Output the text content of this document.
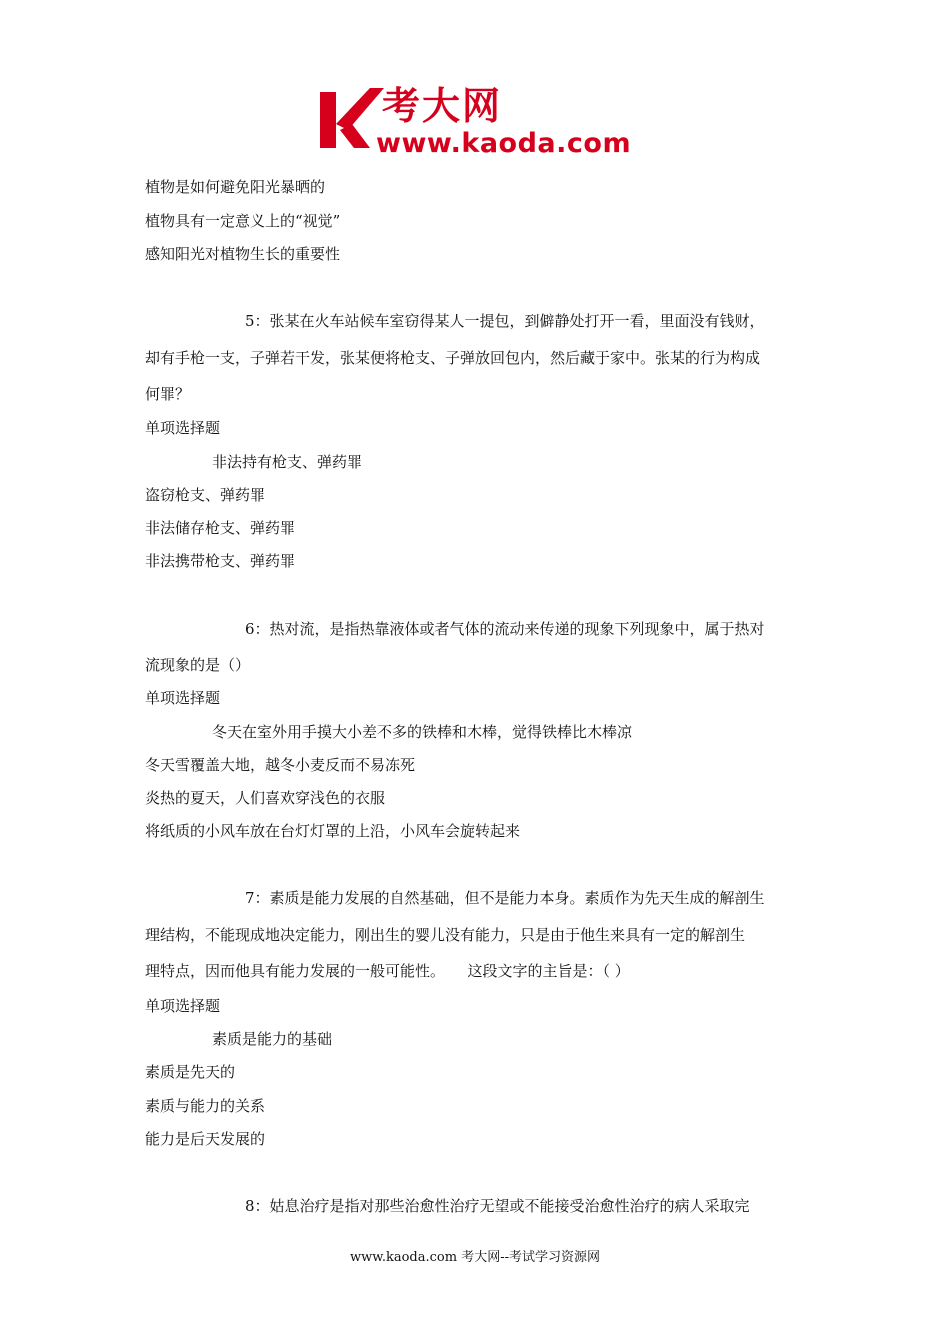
考大网
www.kaoda.com
植物是如何避免阳光暴晒的
植物具有一定意义上的“视觉”
感知阳光对植物生长的重要性
5：张某在火车站候车室窃得某人一提包，到僻静处打开一看，里面没有钱财，
却有手枪一支，子弹若干发，张某便将枪支、子弹放回包内，然后藏于家中。张某的行为构成
何罪？
单项选择题
非法持有枪支、弹药罪
盗窃枪支、弹药罪
非法储存枪支、弹药罪
非法携带枪支、弹药罪
6：热对流，是指热靠液体或者气体的流动来传递的现象下列现象中，属于热对
流现象的是（）
单项选择题
冬天在室外用手摸大小差不多的铁棒和木棒，觉得铁棒比木棒凉
冬天雪覆盖大地，越冬小麦反而不易冻死
炎热的夏天，人们喜欢穿浅色的衣服
将纸质的小风车放在台灯灯罩的上沿，小风车会旋转起来
7：素质是能力发展的自然基础，但不是能力本身。素质作为先天生成的解剖生
理结构，不能现成地决定能力，刚出生的婴儿没有能力，只是由于他生来具有一定的解剖生
理特点，因而他具有能力发展的一般可能性。　　这段文字的主旨是：（ ）
单项选择题
素质是能力的基础
素质是先天的
素质与能力的关系
能力是后天发展的
8：姑息治疗是指对那些治愈性治疗无望或不能接受治愈性治疗的病人采取完
www.kaoda.com 考大网--考试学习资源网
